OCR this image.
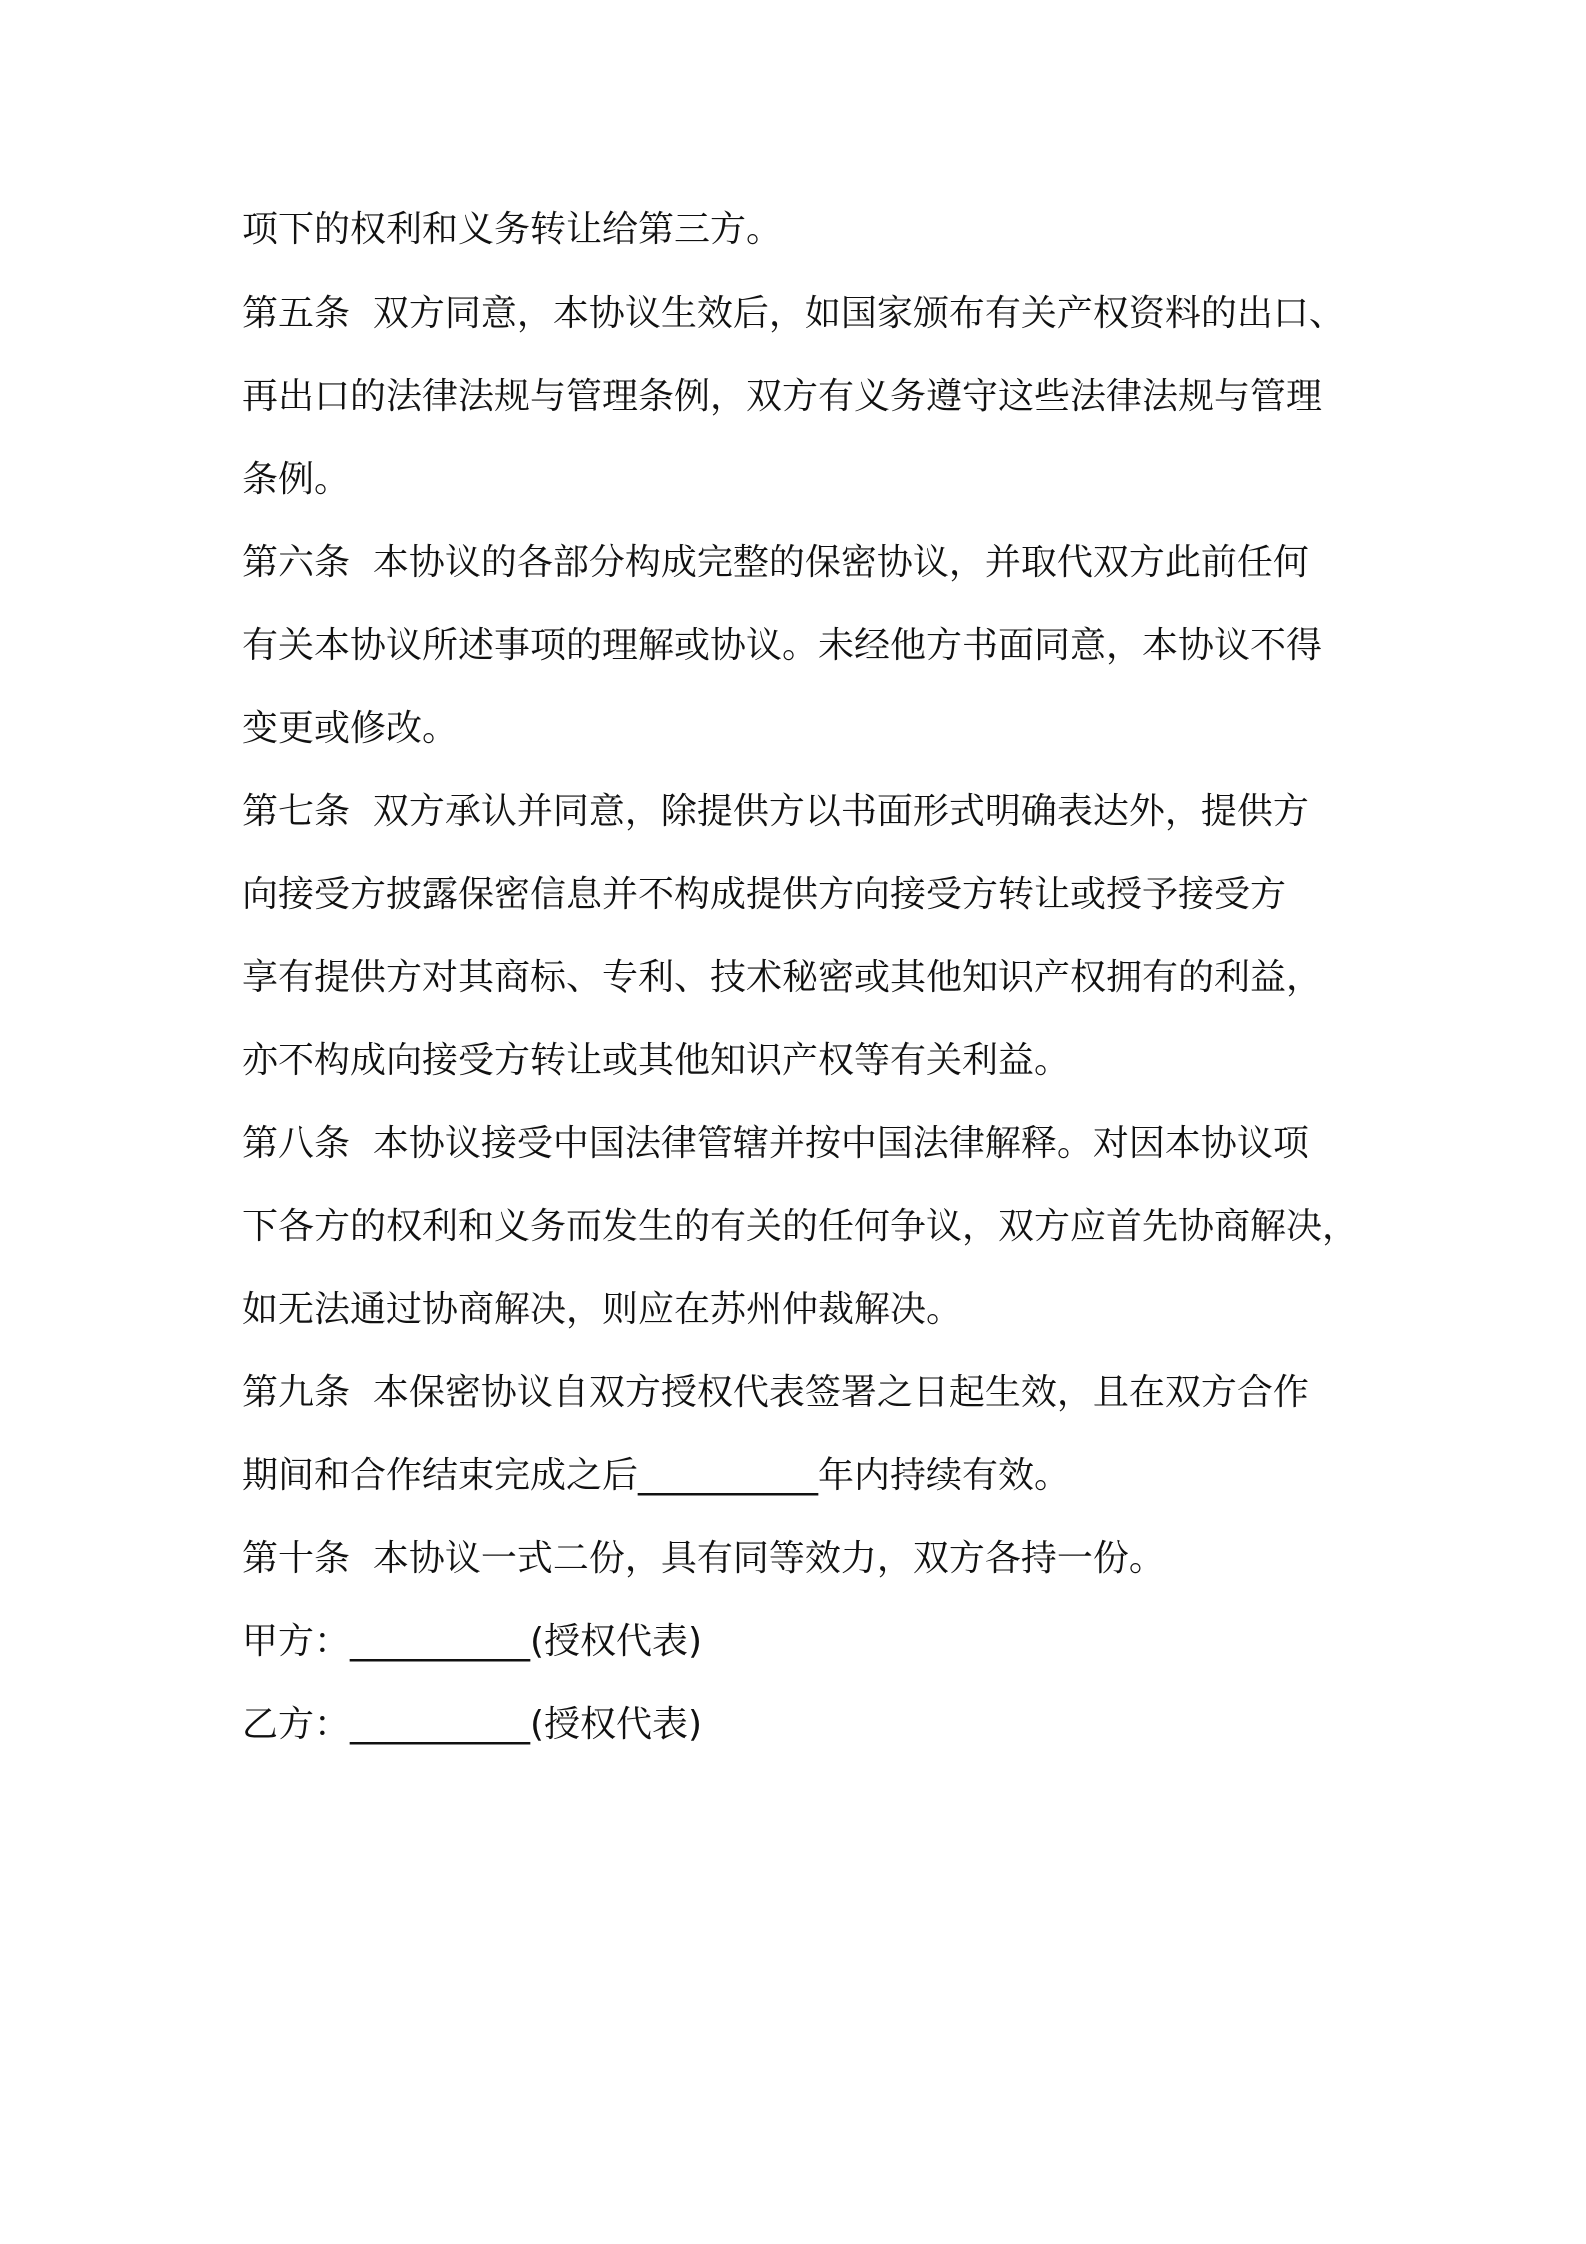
项下的权利和义务转让给第三方。
第五条  双方同意，本协议生效后，如国家颁布有关产权资料的出口、
再出口的法律法规与管理条例，双方有义务遵守这些法律法规与管理
条例。
第六条  本协议的各部分构成完整的保密协议，并取代双方此前任何
有关本协议所述事项的理解或协议。未经他方书面同意，本协议不得
变更或修改。
第七条  双方承认并同意，除提供方以书面形式明确表达外，提供方
向接受方披露保密信息并不构成提供方向接受方转让或授予接受方
享有提供方对其商标、专利、技术秘密或其他知识产权拥有的利益，
亦不构成向接受方转让或其他知识产权等有关利益。
第八条  本协议接受中国法律管辖并按中国法律解释。对因本协议项
下各方的权利和义务而发生的有关的任何争议，双方应首先协商解决，
如无法通过协商解决，则应在苏州仲裁解决。
第九条  本保密协议自双方授权代表签署之日起生效，且在双方合作
期间和合作结束完成之后__________年内持续有效。
第十条  本协议一式二份，具有同等效力，双方各持一份。
甲方：__________(授权代表)
乙方：__________(授权代表)
